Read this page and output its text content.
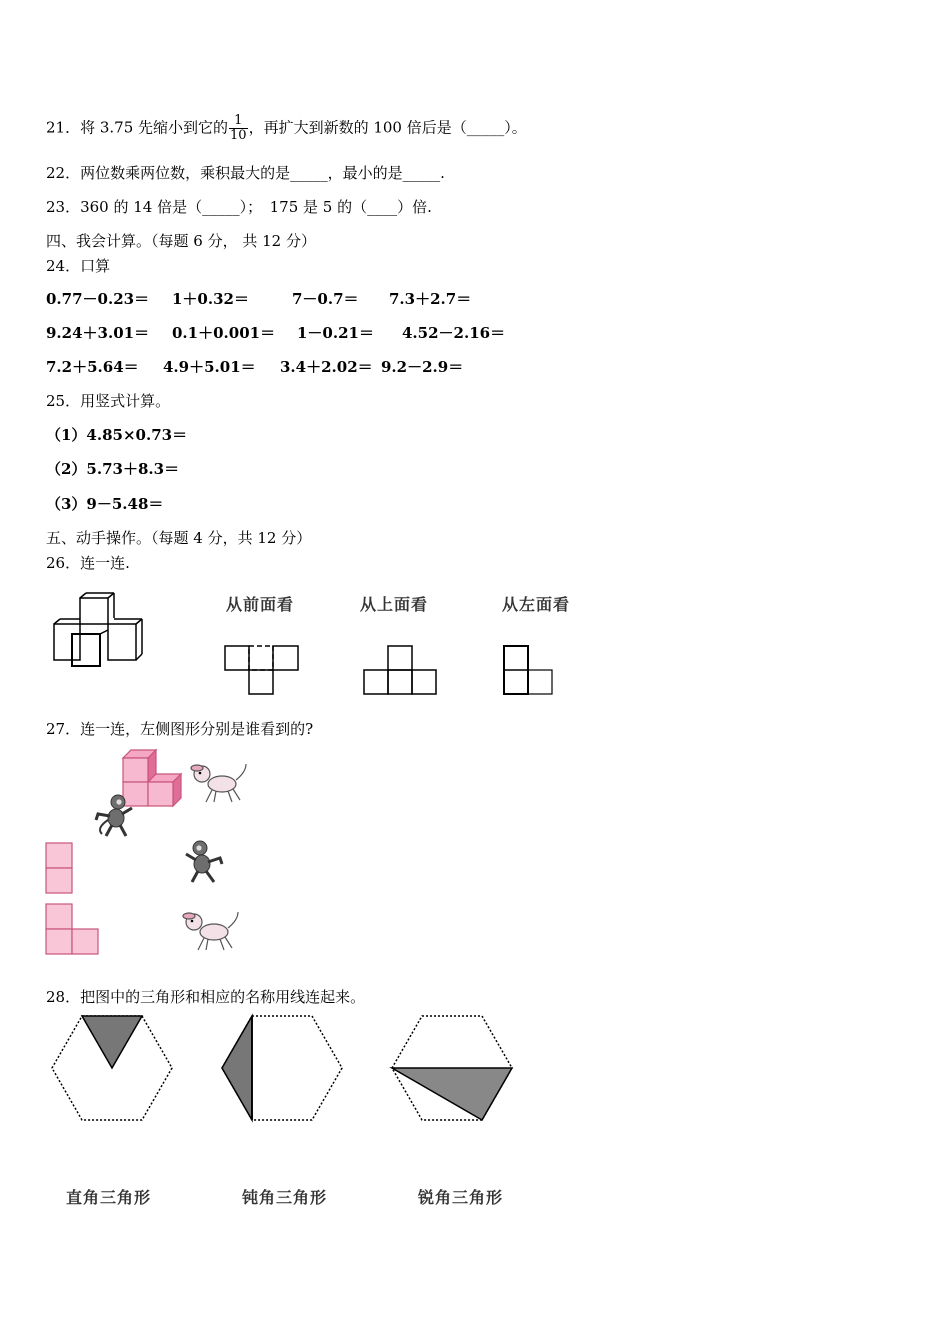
21．将 3.75 先缩小到它的 $\frac{1}{10}$ ，再扩大到新数的 100 倍后是（_____）。
22．两位数乘两位数，乘积最大的是_____，最小的是_____.
23．360 的 14 倍是（_____）；　175 是 5 的（____）倍.
四、我会计算。（每题 6 分， 共 12 分）
24．口算
0.77－0.23＝ 1＋0.32＝	7－0.7＝ 7.3＋2.7＝
9.24＋3.01＝ 0.1＋0.001＝ 1－0.21＝ 4.52－2.16＝
7.2＋5.64＝ 4.9＋5.01＝ 3.4＋2.02＝ 9.2－2.9＝
25．用竖式计算。
（1）4.85×0.73＝
（2）5.73＋8.3＝
（3）9－5.48＝
五、动手操作。（每题 4 分，共 12 分）
26．连一连.
从前面看	从上面看	从左面看
27．连一连，左侧图形分别是谁看到的?
28．把图中的三角形和相应的名称用线连起来。
直角三角形	钝角三角形	锐角三角形
